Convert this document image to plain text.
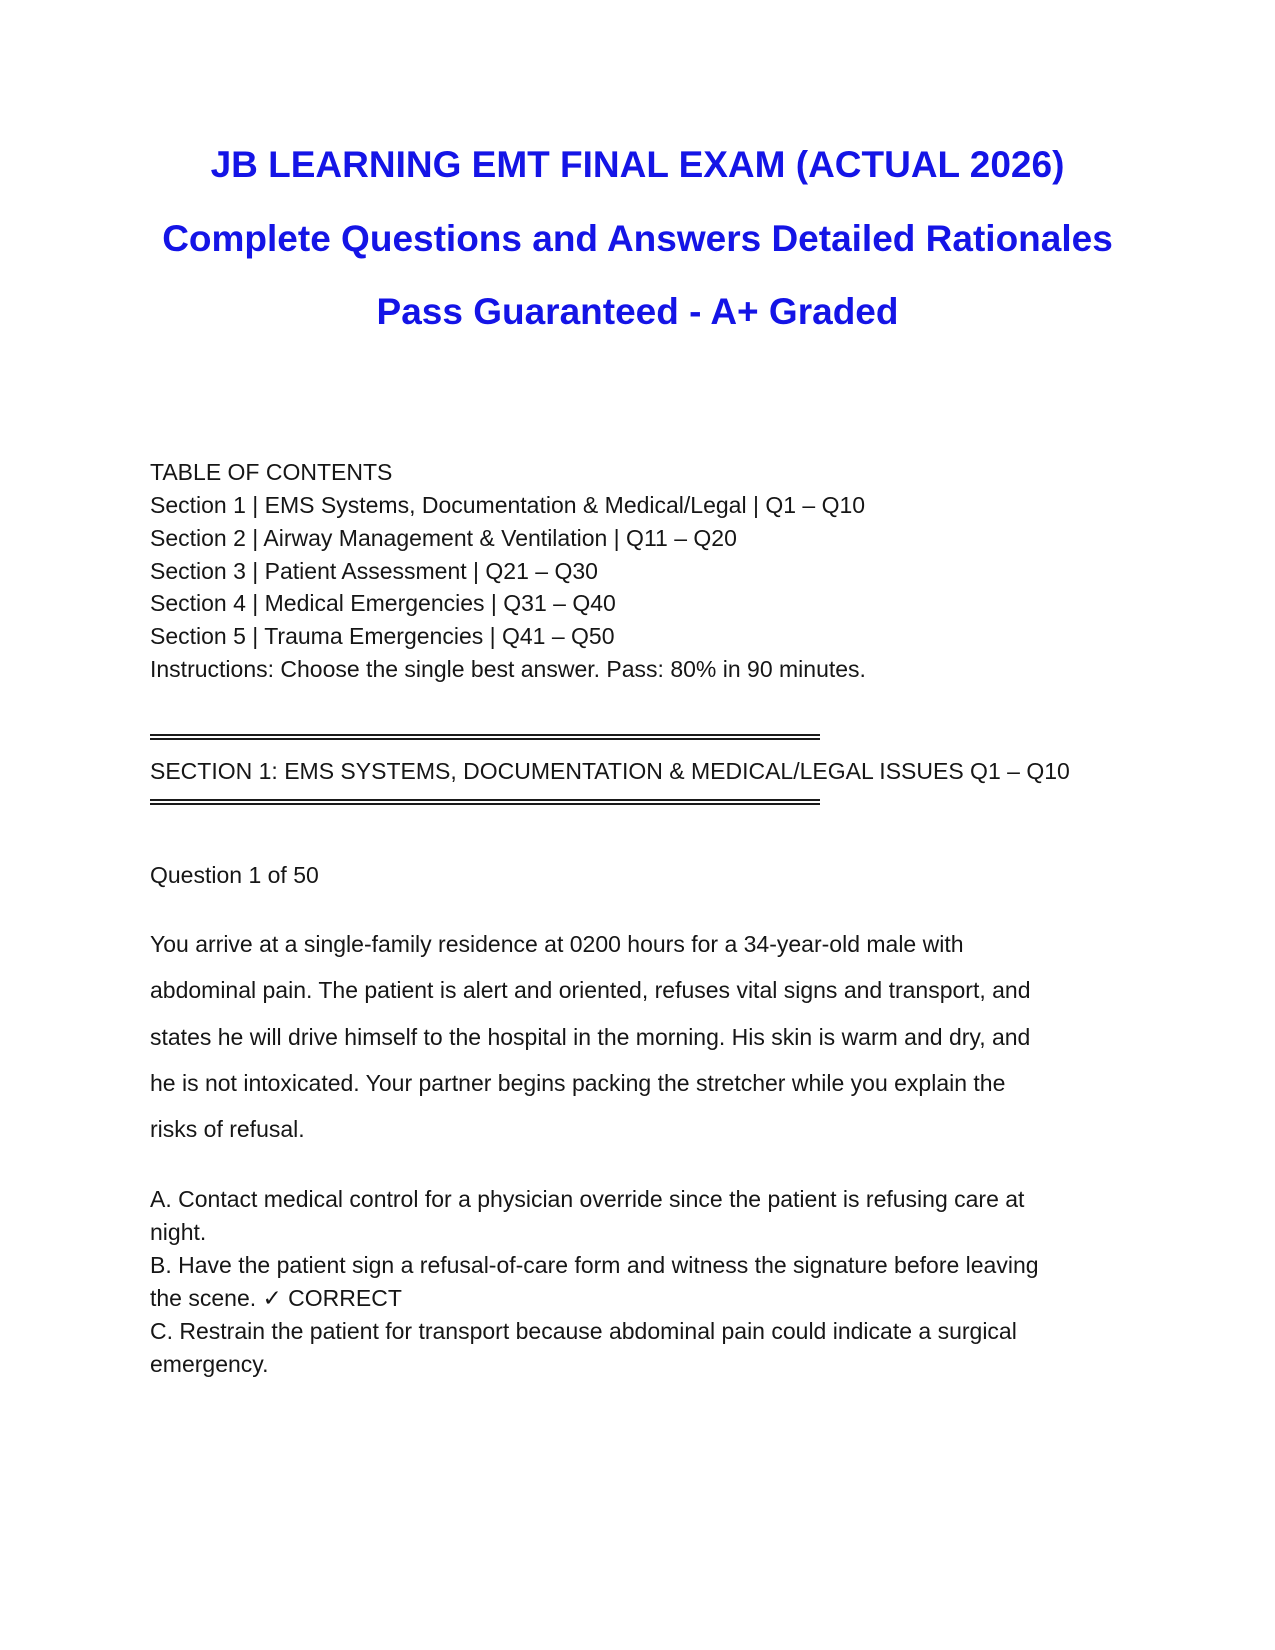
JB LEARNING EMT FINAL EXAM (ACTUAL 2026)
Complete Questions and Answers Detailed Rationales
Pass Guaranteed - A+ Graded
TABLE OF CONTENTS
Section 1 | EMS Systems, Documentation & Medical/Legal | Q1 – Q10
Section 2 | Airway Management & Ventilation | Q11 – Q20
Section 3 | Patient Assessment | Q21 – Q30
Section 4 | Medical Emergencies | Q31 – Q40
Section 5 | Trauma Emergencies | Q41 – Q50
Instructions: Choose the single best answer. Pass: 80% in 90 minutes.
SECTION 1: EMS SYSTEMS, DOCUMENTATION & MEDICAL/LEGAL ISSUES Q1 – Q10
Question 1 of 50
You arrive at a single-family residence at 0200 hours for a 34-year-old male with
abdominal pain. The patient is alert and oriented, refuses vital signs and transport, and
states he will drive himself to the hospital in the morning. His skin is warm and dry, and
he is not intoxicated. Your partner begins packing the stretcher while you explain the
risks of refusal.
A. Contact medical control for a physician override since the patient is refusing care at
night.
B. Have the patient sign a refusal-of-care form and witness the signature before leaving
the scene. ✓ CORRECT
C. Restrain the patient for transport because abdominal pain could indicate a surgical
emergency.
